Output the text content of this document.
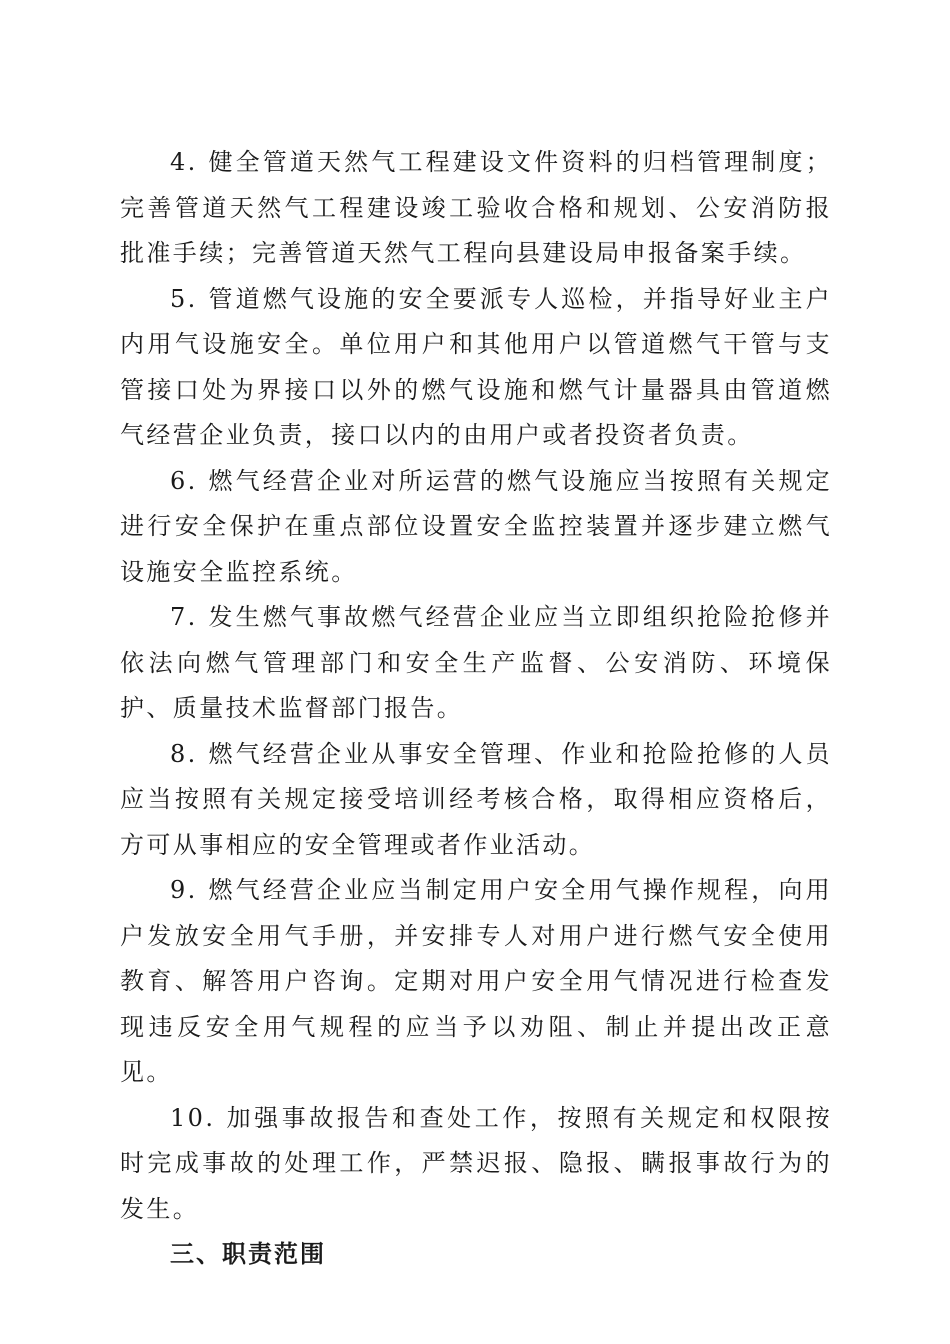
4. 健全管道天然气工程建设文件资料的归档管理制度；完善管道天然气工程建设竣工验收合格和规划、公安消防报批准手续；完善管道天然气工程向县建设局申报备案手续。

5. 管道燃气设施的安全要派专人巡检，并指导好业主户内用气设施安全。单位用户和其他用户以管道燃气干管与支管接口处为界接口以外的燃气设施和燃气计量器具由管道燃气经营企业负责，接口以内的由用户或者投资者负责。

6. 燃气经营企业对所运营的燃气设施应当按照有关规定进行安全保护在重点部位设置安全监控装置并逐步建立燃气设施安全监控系统。

7. 发生燃气事故燃气经营企业应当立即组织抢险抢修并依法向燃气管理部门和安全生产监督、公安消防、环境保护、质量技术监督部门报告。

8. 燃气经营企业从事安全管理、作业和抢险抢修的人员应当按照有关规定接受培训经考核合格，取得相应资格后，方可从事相应的安全管理或者作业活动。

9. 燃气经营企业应当制定用户安全用气操作规程，向用户发放安全用气手册，并安排专人对用户进行燃气安全使用教育、解答用户咨询。定期对用户安全用气情况进行检查发现违反安全用气规程的应当予以劝阻、制止并提出改正意见。

10. 加强事故报告和查处工作，按照有关规定和权限按时完成事故的处理工作，严禁迟报、隐报、瞒报事故行为的发生。

三、职责范围
